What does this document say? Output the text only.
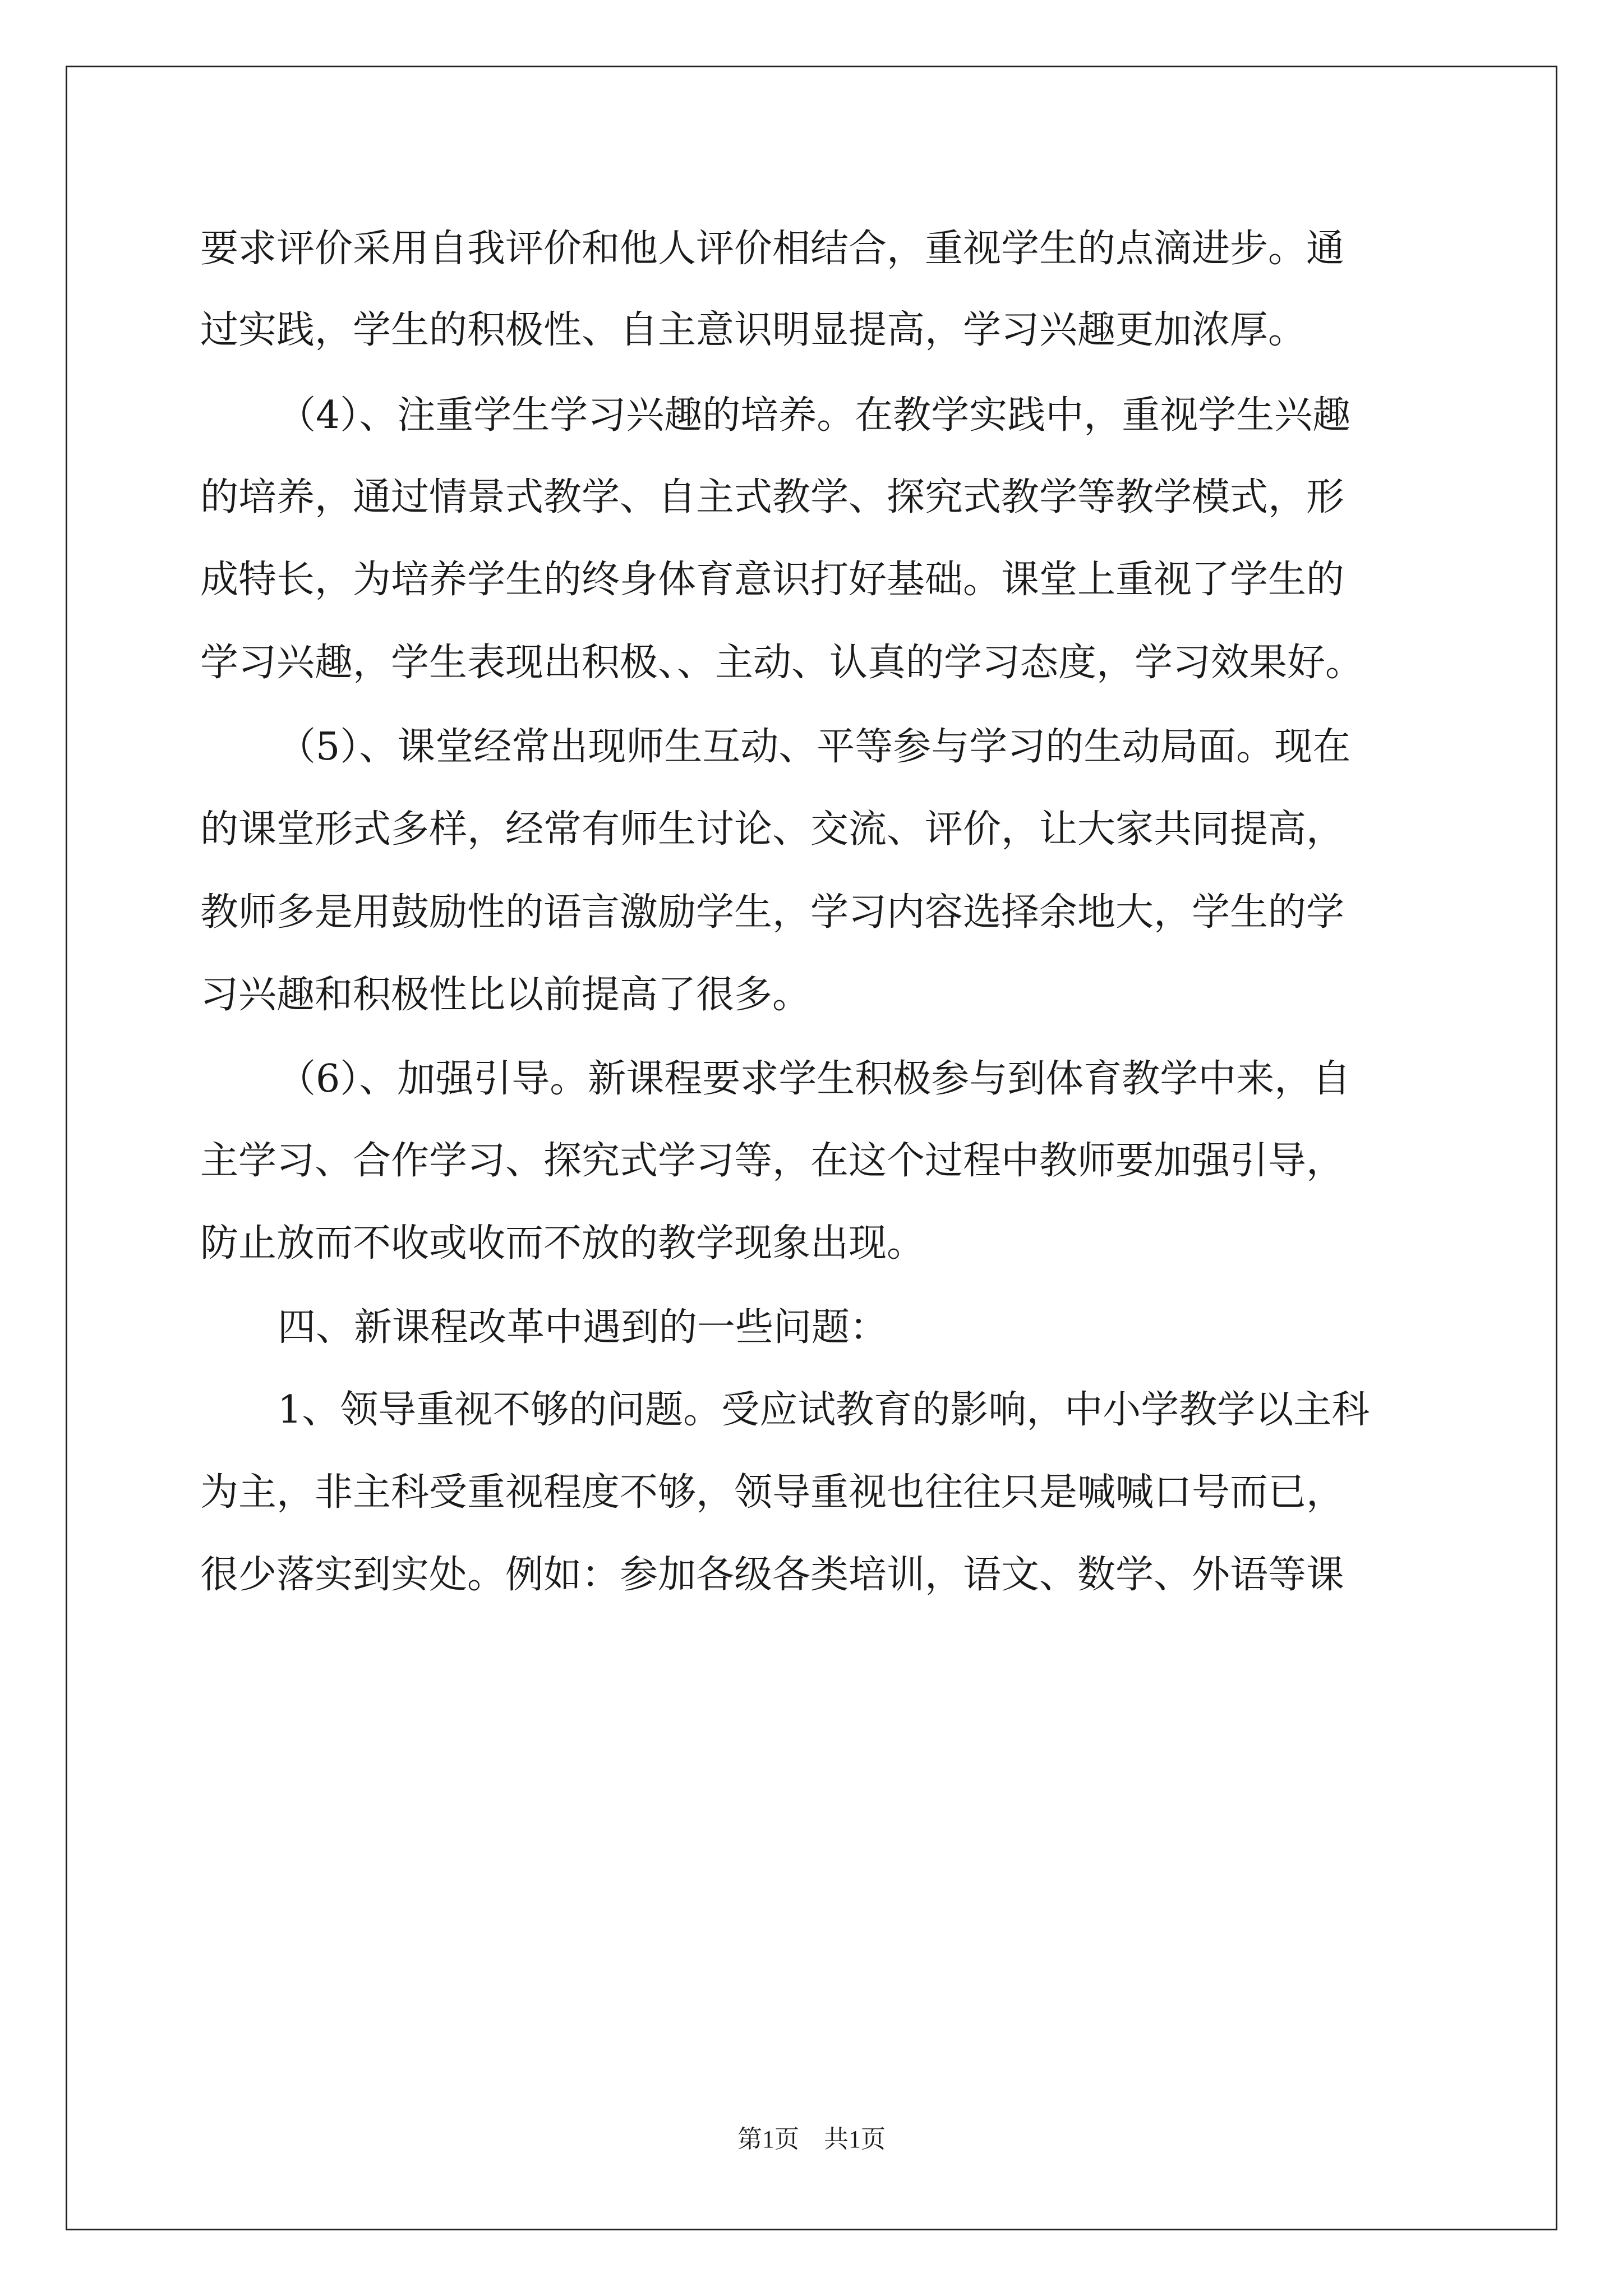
要求评价采用自我评价和他人评价相结合，重视学生的点滴进步。通
过实践，学生的积极性、自主意识明显提高，学习兴趣更加浓厚。
（4）、注重学生学习兴趣的培养。在教学实践中，重视学生兴趣
的培养，通过情景式教学、自主式教学、探究式教学等教学模式，形
成特长，为培养学生的终身体育意识打好基础。课堂上重视了学生的
学习兴趣，学生表现出积极、、主动、认真的学习态度，学习效果好。
（5）、课堂经常出现师生互动、平等参与学习的生动局面。现在
的课堂形式多样，经常有师生讨论、交流、评价，让大家共同提高，
教师多是用鼓励性的语言激励学生，学习内容选择余地大，学生的学
习兴趣和积极性比以前提高了很多。
（6）、加强引导。新课程要求学生积极参与到体育教学中来，自
主学习、合作学习、探究式学习等，在这个过程中教师要加强引导，
防止放而不收或收而不放的教学现象出现。
四、新课程改革中遇到的一些问题：
1、领导重视不够的问题。受应试教育的影响，中小学教学以主科
为主，非主科受重视程度不够，领导重视也往往只是喊喊口号而已，
很少落实到实处。例如：参加各级各类培训，语文、数学、外语等课
第1页　共1页
